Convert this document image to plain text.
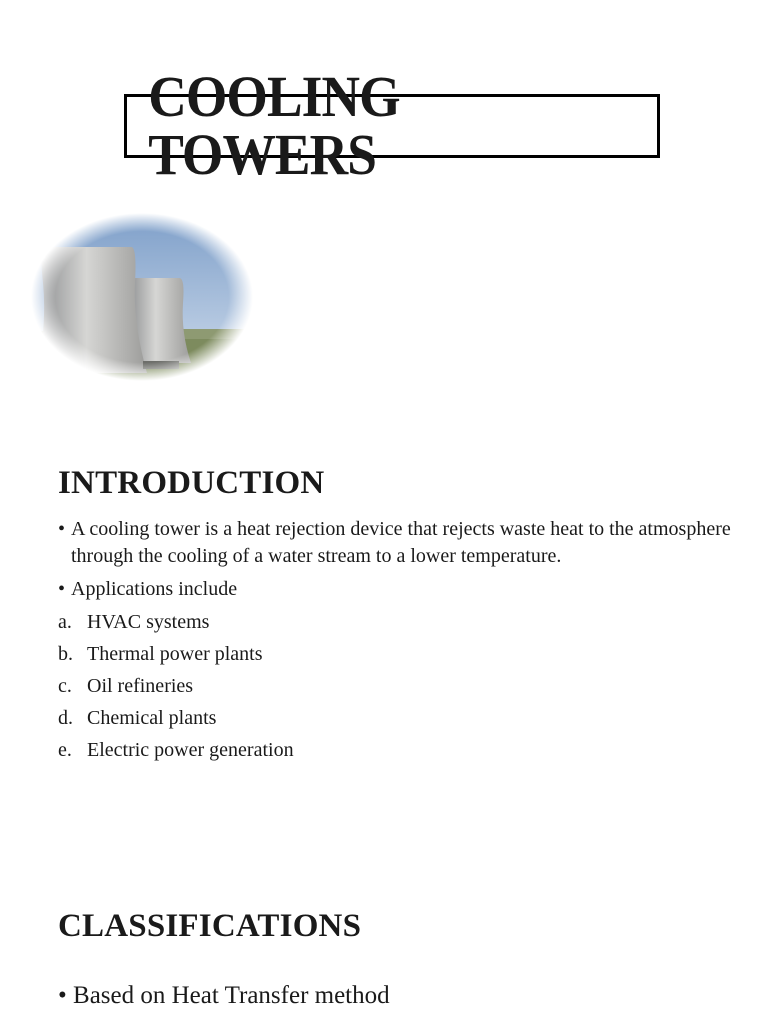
COOLING TOWERS
INTRODUCTION
• A cooling tower is a heat rejection device that rejects waste heat to the atmosphere through the cooling of a water stream to a lower temperature.
• Applications include
a. HVAC systems
b. Thermal power plants
c. Oil refineries
d. Chemical plants
e. Electric power generation
CLASSIFICATIONS
• Based on Heat Transfer method
